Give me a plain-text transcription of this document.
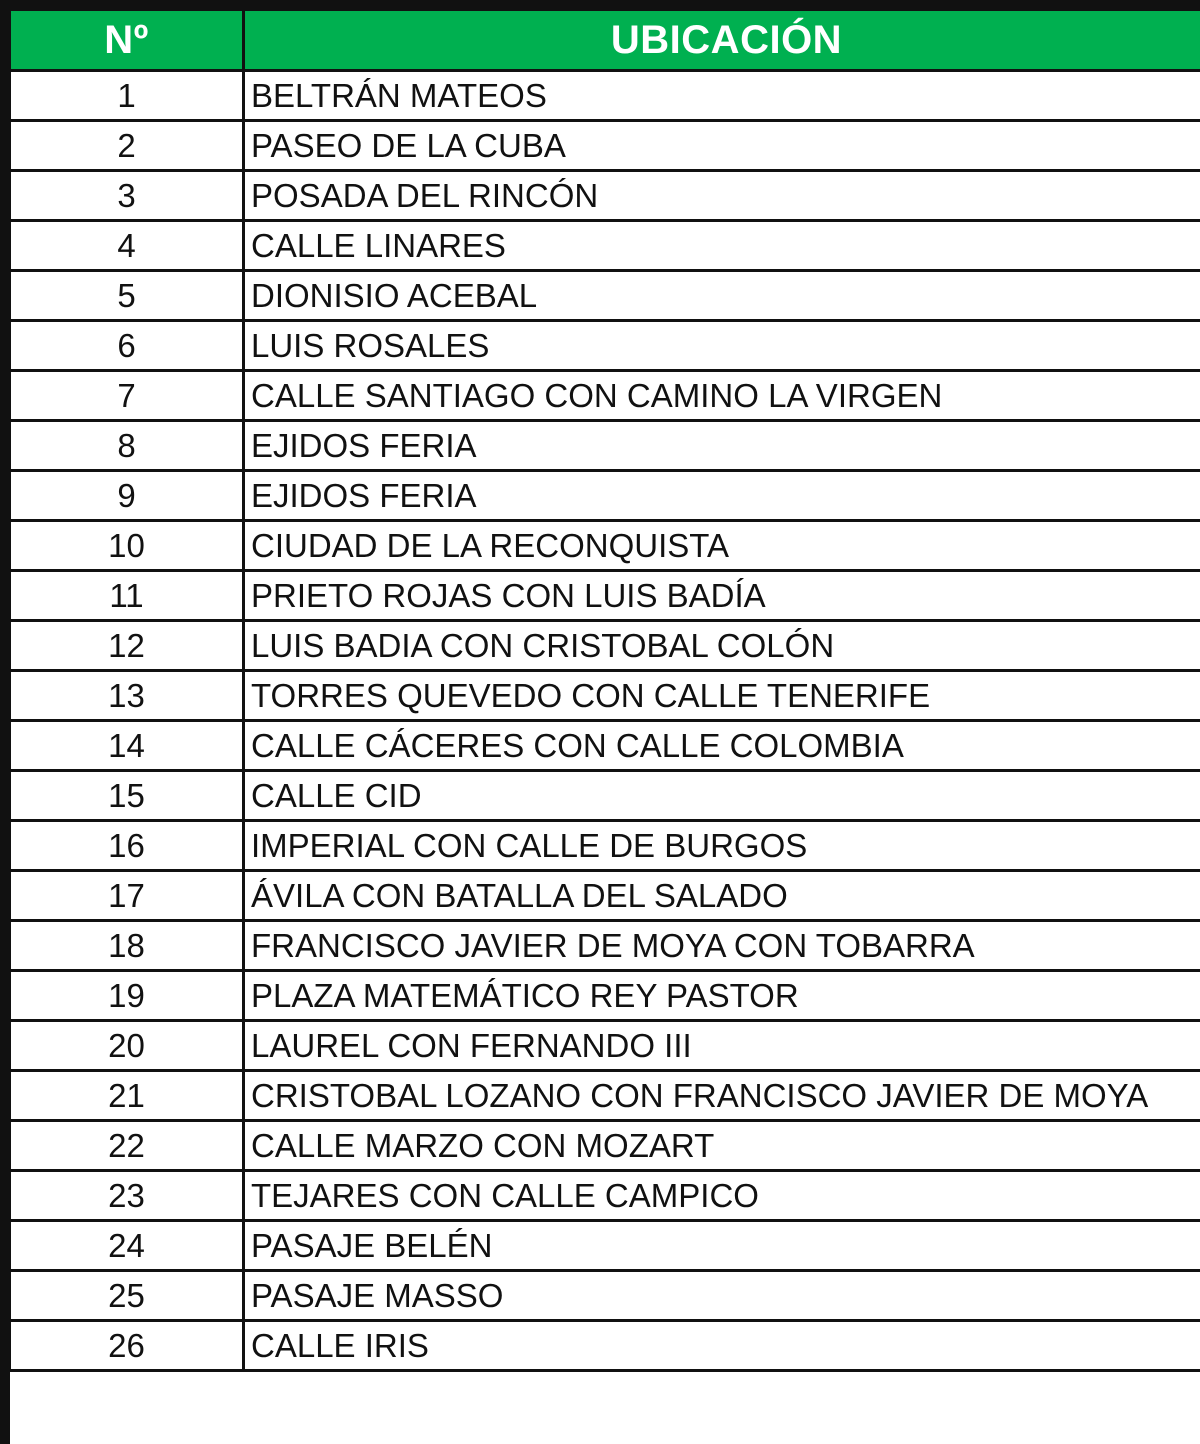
Nº	UBICACIÓN
1	BELTRÁN MATEOS
2	PASEO DE LA CUBA
3	POSADA DEL RINCÓN
4	CALLE LINARES
5	DIONISIO ACEBAL
6	LUIS ROSALES
7	CALLE SANTIAGO CON CAMINO LA VIRGEN
8	EJIDOS FERIA
9	EJIDOS FERIA
10	CIUDAD DE LA RECONQUISTA
11	PRIETO ROJAS CON LUIS BADÍA
12	LUIS BADIA CON CRISTOBAL COLÓN
13	TORRES QUEVEDO CON CALLE TENERIFE
14	CALLE CÁCERES CON CALLE COLOMBIA
15	CALLE CID
16	IMPERIAL CON CALLE DE BURGOS
17	ÁVILA CON BATALLA DEL SALADO
18	FRANCISCO JAVIER DE MOYA CON TOBARRA
19	PLAZA MATEMÁTICO REY PASTOR
20	LAUREL CON FERNANDO III
21	CRISTOBAL LOZANO CON FRANCISCO JAVIER DE MOYA
22	CALLE MARZO CON MOZART
23	TEJARES CON CALLE CAMPICO
24	PASAJE BELÉN
25	PASAJE MASSO
26	CALLE IRIS
